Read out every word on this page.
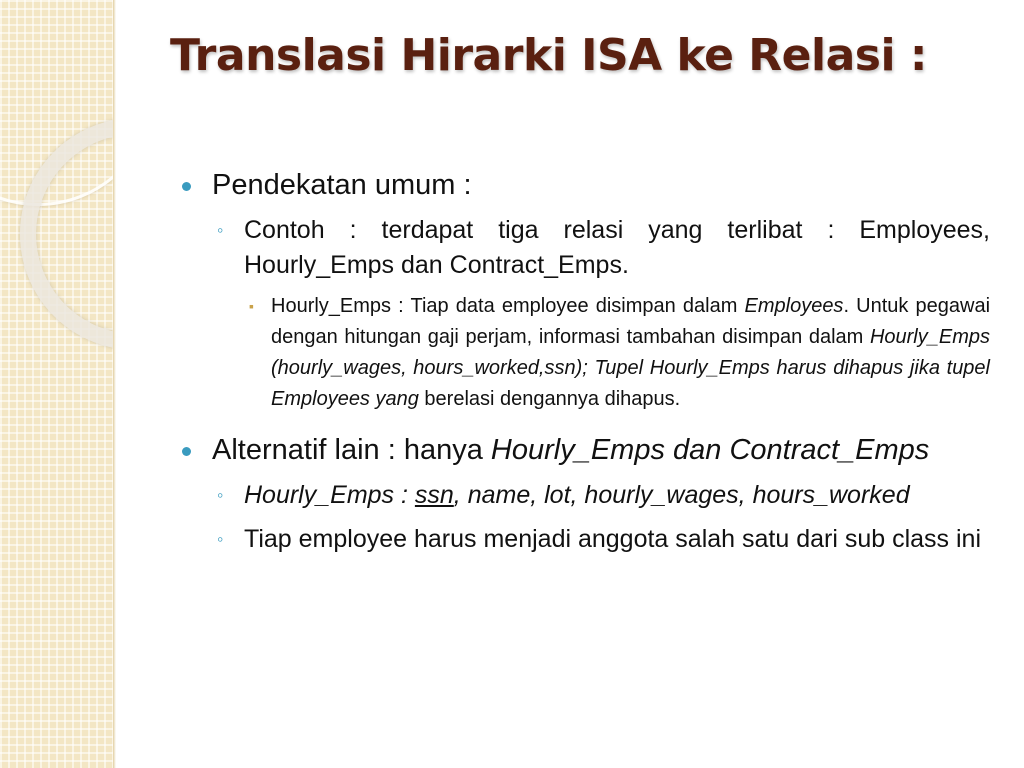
Translasi Hirarki ISA ke Relasi :
Pendekatan umum :
◦ Contoh : terdapat tiga relasi yang terlibat : Employees, Hourly_Emps dan Contract_Emps.
▪ Hourly_Emps : Tiap data employee disimpan dalam Employees. Untuk pegawai dengan hitungan gaji perjam, informasi tambahan disimpan dalam Hourly_Emps (hourly_wages, hours_worked,ssn); Tupel Hourly_Emps harus dihapus jika tupel Employees yang berelasi dengannya dihapus.
Alternatif lain : hanya Hourly_Emps dan Contract_Emps
◦ Hourly_Emps : ssn, name, lot, hourly_wages, hours_worked
◦ Tiap employee harus menjadi anggota salah satu dari sub class ini
